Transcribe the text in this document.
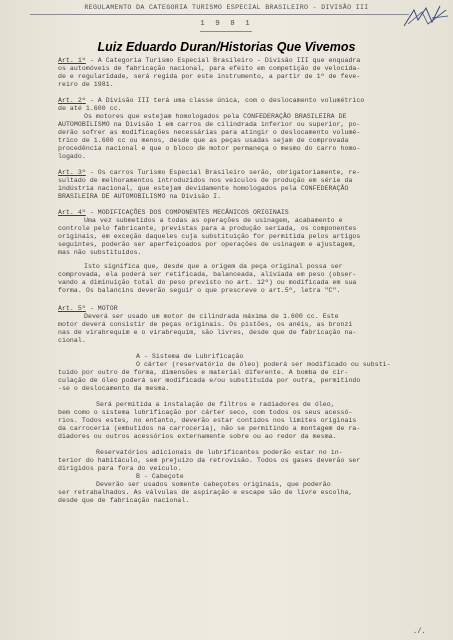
REGULAMENTO DA CATEGORIA TURISMO ESPECIAL BRASILEIRO - DIVISÃO III
1 9 8 1
Luiz Eduardo Duran/Historias Que Vivemos
Art. 1º - A Categoria Turismo Especial Brasileiro - Divisão III que enquadra
os automóveis de fabricação nacional, para efeito em competição de velocida-
de e regularidade, será regida por este instrumento, a partir de 1º de feve-
reiro de 1981.
Art. 2º - A Divisão III terá uma classe única, com o deslocamento volumétrico
de até 1.600 cc.
Os motores que estejam homologados pela CONFEDERAÇÃO BRASILEIRA DE
AUTOMOBILISMO na Divisão 1 em carros de cilindrada inferior ou superior, po-
derão sofrer as modificações necessárias para atingir o deslocamento volumé-
trico de 1.600 cc ou menos, desde que as peças usadas sejam de comprovada
procedência nacional e que o bloco de motor permaneça o mesmo do carro homo-
logado.
Art. 3º - Os carros Turismo Especial Brasileiro serão, obrigatoriamente, re-
sultado de melhoramentos introduzidos nos veículos de produção em série da
indústria nacional, que estejam devidamente homologados pela CONFEDERAÇÃO
BRASILEIRA DE AUTOMOBILISMO na Divisão I.
Art. 4º - MODIFICAÇÕES DOS COMPONENTES MECÂNICOS ORIGINAIS
Uma vez submetidos a todas as operações de usinagem, acabamento e
controle pelo fabricante, previstas para a produção seriada, os componentes
originais, em exceção daqueles cuja substituição for permitida pelos artigos
seguintes, poderão ser aperfeiçoados por operações de usinagem e ajustagem,
mas não substituídos.
Isto significa que, desde que a origem da peça original possa ser
comprovada, ela poderá ser retificada, balanceada, aliviada em peso (obser-
vando a diminuição total do peso previsto no art. 12º) ou modificada em sua
forma. Os balancins deverão seguir o que prescreve o art.5º, letra "C".
Art. 5º - MOTOR
Deverá ser usado um motor de cilindrada máxima de 1.600 cc. Este
motor deverá consistir de peças originais. Os pistões, os anéis, as bronzi
nas de virabrequim e o virabrequim, são livres, desde que de fabricação na-
cional.
A - Sistema de Lubrificação
O cárter (reservatório de óleo) poderá ser modificado ou substi-
tuído por outro de forma, dimensões e material diferente. A bomba de cir-
culação de óleo poderá ser modificada e/ou substituída por outra, permitindo
-se o deslocamento da mesma.
Será permitida a instalação de filtros e radiadores de óleo,
bem como o sistema lubrificação por cárter seco, com todos os seus acessó-
rios. Todos estes, no entanto, deverão estar contidos nos limites originais
da carroceria (embutidos na carroceria), não se permitindo a montagem de ra-
diadores ou outros acessórios externamente sobre ou ao redor da mesma.
Reservatórios adicionais de lubrificantes poderão estar no in-
terior do habitáculo, sem prejuízo da retrovisão. Todos os gases deverão ser
dirigidos para fora do veículo.
B - Cabeçote
Deverão ser usados somente cabeçotes originais, que poderão
ser retrabalhados. As válvulas de aspiração e escape são de livre escolha,
desde que de fabricação nacional.
./.
